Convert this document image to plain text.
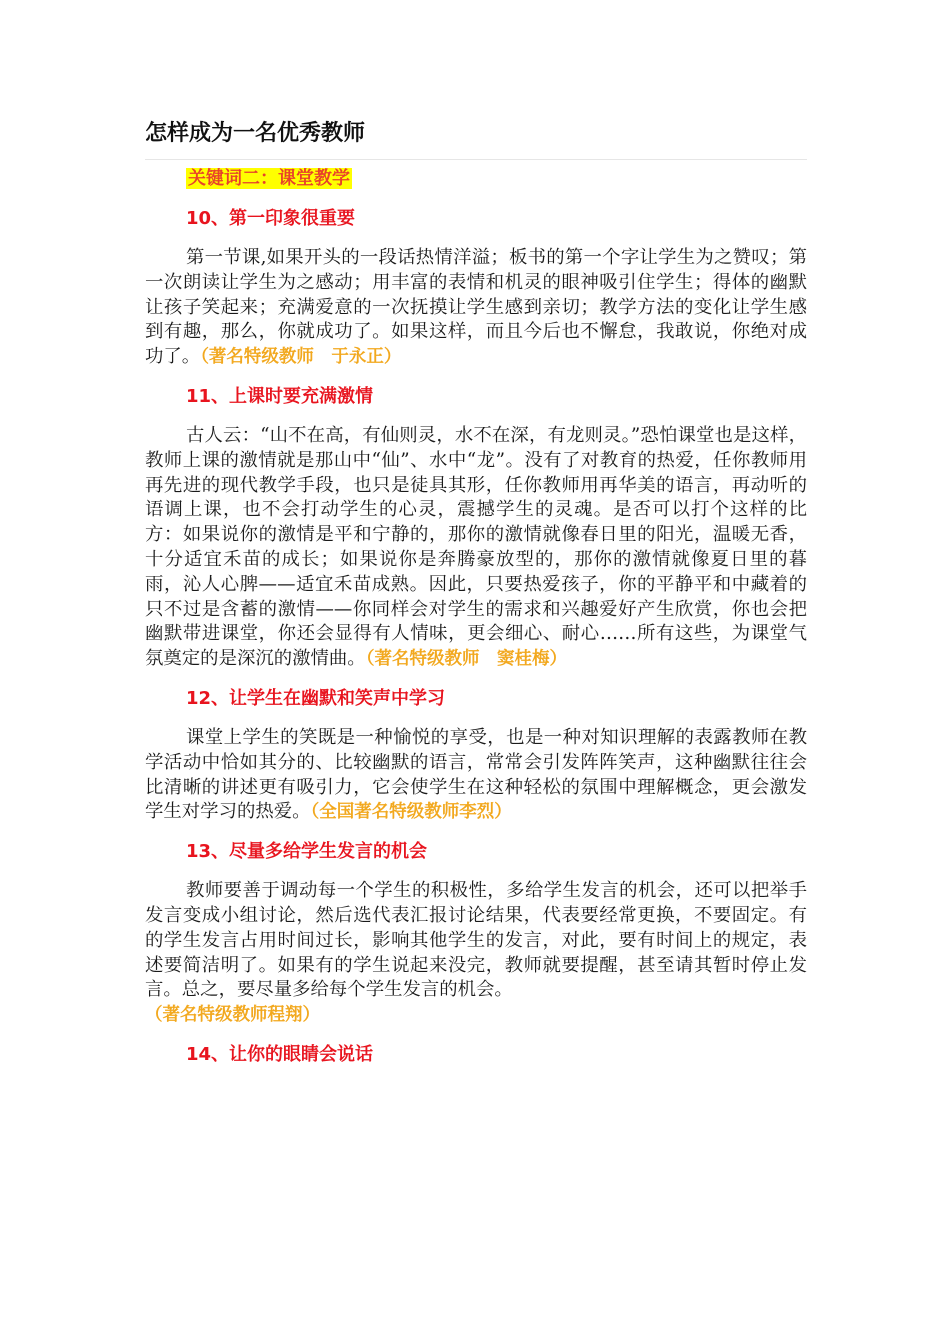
怎样成为一名优秀教师
关键词二：课堂教学
10、第一印象很重要

第一节课,如果开头的一段话热情洋溢；板书的第一个字让学生为之赞叹；第一次朗读让学生为之感动；用丰富的表情和机灵的眼神吸引住学生；得体的幽默让孩子笑起来；充满爱意的一次抚摸让学生感到亲切；教学方法的变化让学生感到有趣，那么，你就成功了。如果这样，而且今后也不懈怠，我敢说，你绝对成功了。（著名特级教师　于永正）

11、上课时要充满激情

古人云：“山不在高，有仙则灵，水不在深，有龙则灵。”恐怕课堂也是这样，教师上课的激情就是那山中“仙”、水中“龙”。没有了对教育的热爱，任你教师用再先进的现代教学手段，也只是徒具其形，任你教师用再华美的语言，再动听的语调上课，也不会打动学生的心灵，震撼学生的灵魂。是否可以打个这样的比方：如果说你的激情是平和宁静的，那你的激情就像春日里的阳光，温暖无香，十分适宜禾苗的成长；如果说你是奔腾豪放型的，那你的激情就像夏日里的暮雨，沁人心脾——适宜禾苗成熟。因此，只要热爱孩子，你的平静平和中藏着的只不过是含蓄的激情——你同样会对学生的需求和兴趣爱好产生欣赏，你也会把幽默带进课堂，你还会显得有人情味，更会细心、耐心……所有这些，为课堂气氛奠定的是深沉的激情曲。（著名特级教师　窦桂梅）

12、让学生在幽默和笑声中学习

课堂上学生的笑既是一种愉悦的享受，也是一种对知识理解的表露教师在教学活动中恰如其分的、比较幽默的语言，常常会引发阵阵笑声，这种幽默往往会比清晰的讲述更有吸引力，它会使学生在这种轻松的氛围中理解概念，更会激发学生对学习的热爱。（全国著名特级教师李烈）

13、尽量多给学生发言的机会

教师要善于调动每一个学生的积极性，多给学生发言的机会，还可以把举手发言变成小组讨论，然后选代表汇报讨论结果，代表要经常更换，不要固定。有的学生发言占用时间过长，影响其他学生的发言，对此，要有时间上的规定，表述要简洁明了。如果有的学生说起来没完，教师就要提醒，甚至请其暂时停止发言。总之，要尽量多给每个学生发言的机会。
（著名特级教师程翔）

14、让你的眼睛会说话
